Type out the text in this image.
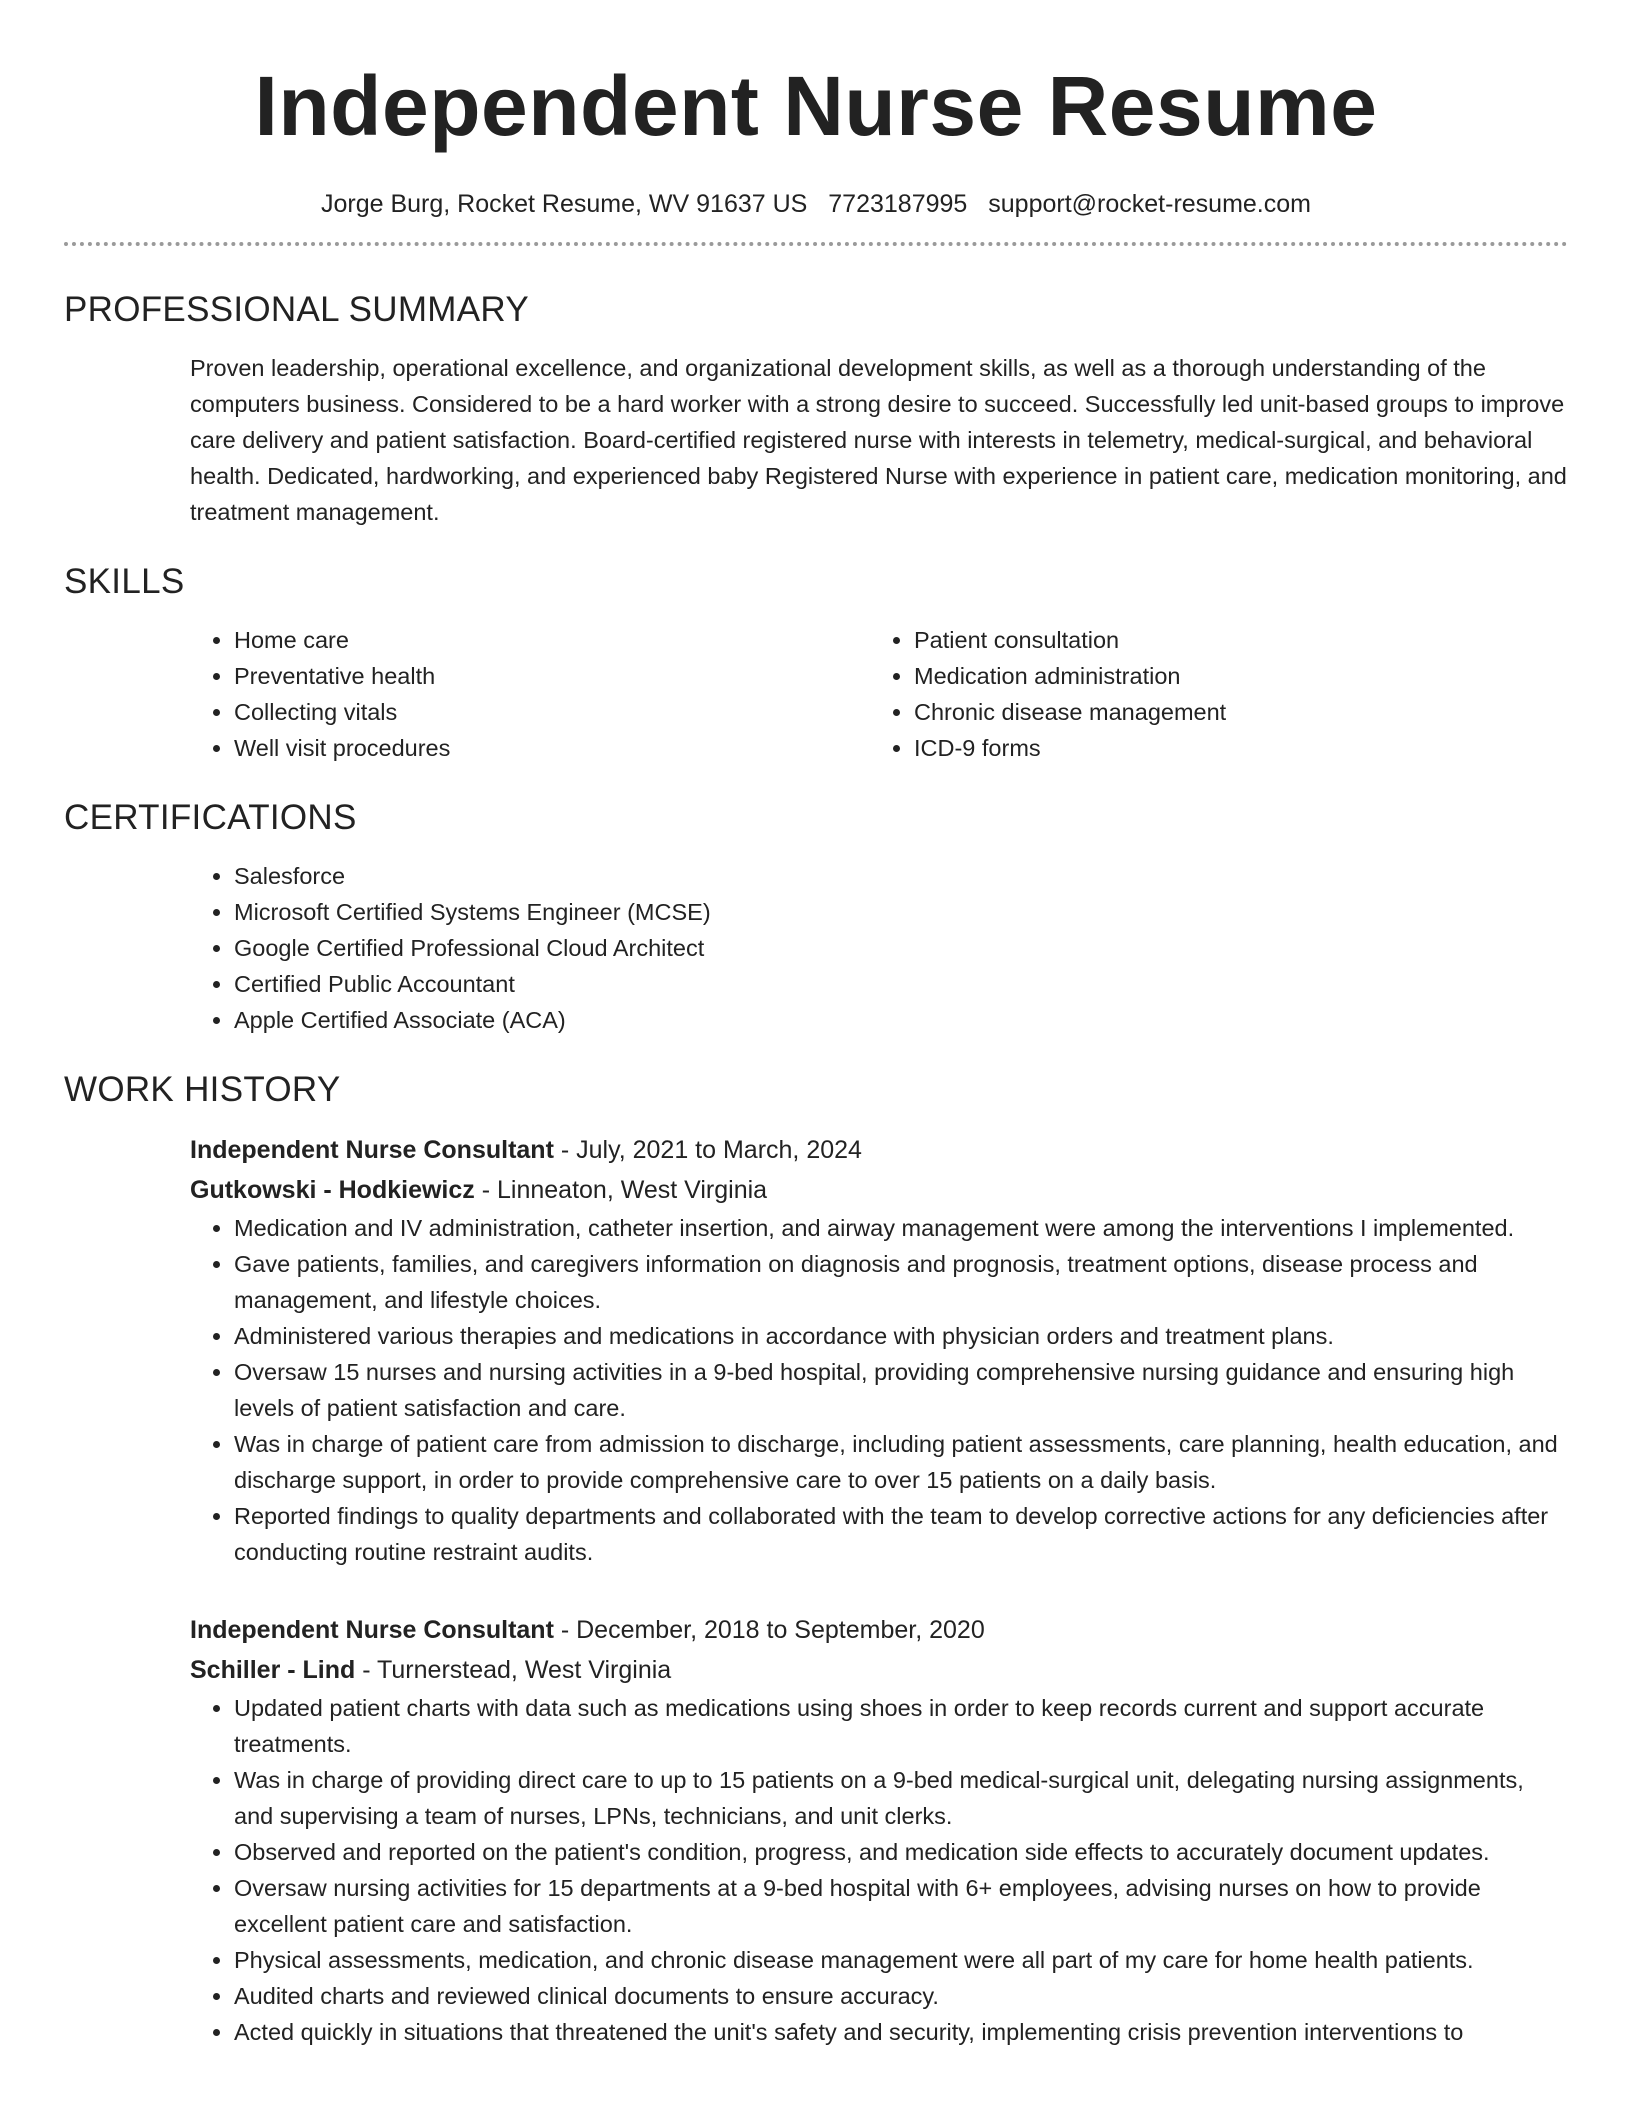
Independent Nurse Resume
Jorge Burg, Rocket Resume, WV 91637 US 7723187995 support@rocket-resume.com
PROFESSIONAL SUMMARY

Proven leadership, operational excellence, and organizational development skills, as well as a thorough understanding of the computers business. Considered to be a hard worker with a strong desire to succeed. Successfully led unit-based groups to improve care delivery and patient satisfaction. Board-certified registered nurse with interests in telemetry, medical-surgical, and behavioral health. Dedicated, hardworking, and experienced baby Registered Nurse with experience in patient care, medication monitoring, and treatment management.

SKILLS
• Home care
• Preventative health
• Collecting vitals
• Well visit procedures
• Patient consultation
• Medication administration
• Chronic disease management
• ICD-9 forms
CERTIFICATIONS
• Salesforce
• Microsoft Certified Systems Engineer (MCSE)
• Google Certified Professional Cloud Architect
• Certified Public Accountant
• Apple Certified Associate (ACA)
WORK HISTORY
Independent Nurse Consultant - July, 2021 to March, 2024
Gutkowski - Hodkiewicz - Linneaton, West Virginia
• Medication and IV administration, catheter insertion, and airway management were among the interventions I implemented.
• Gave patients, families, and caregivers information on diagnosis and prognosis, treatment options, disease process and management, and lifestyle choices.
• Administered various therapies and medications in accordance with physician orders and treatment plans.
• Oversaw 15 nurses and nursing activities in a 9-bed hospital, providing comprehensive nursing guidance and ensuring high levels of patient satisfaction and care.
• Was in charge of patient care from admission to discharge, including patient assessments, care planning, health education, and discharge support, in order to provide comprehensive care to over 15 patients on a daily basis.
• Reported findings to quality departments and collaborated with the team to develop corrective actions for any deficiencies after conducting routine restraint audits.
Independent Nurse Consultant - December, 2018 to September, 2020
Schiller - Lind - Turnerstead, West Virginia
• Updated patient charts with data such as medications using shoes in order to keep records current and support accurate treatments.
• Was in charge of providing direct care to up to 15 patients on a 9-bed medical-surgical unit, delegating nursing assignments, and supervising a team of nurses, LPNs, technicians, and unit clerks.
• Observed and reported on the patient's condition, progress, and medication side effects to accurately document updates.
• Oversaw nursing activities for 15 departments at a 9-bed hospital with 6+ employees, advising nurses on how to provide excellent patient care and satisfaction.
• Physical assessments, medication, and chronic disease management were all part of my care for home health patients.
• Audited charts and reviewed clinical documents to ensure accuracy.
• Acted quickly in situations that threatened the unit's safety and security, implementing crisis prevention interventions to
